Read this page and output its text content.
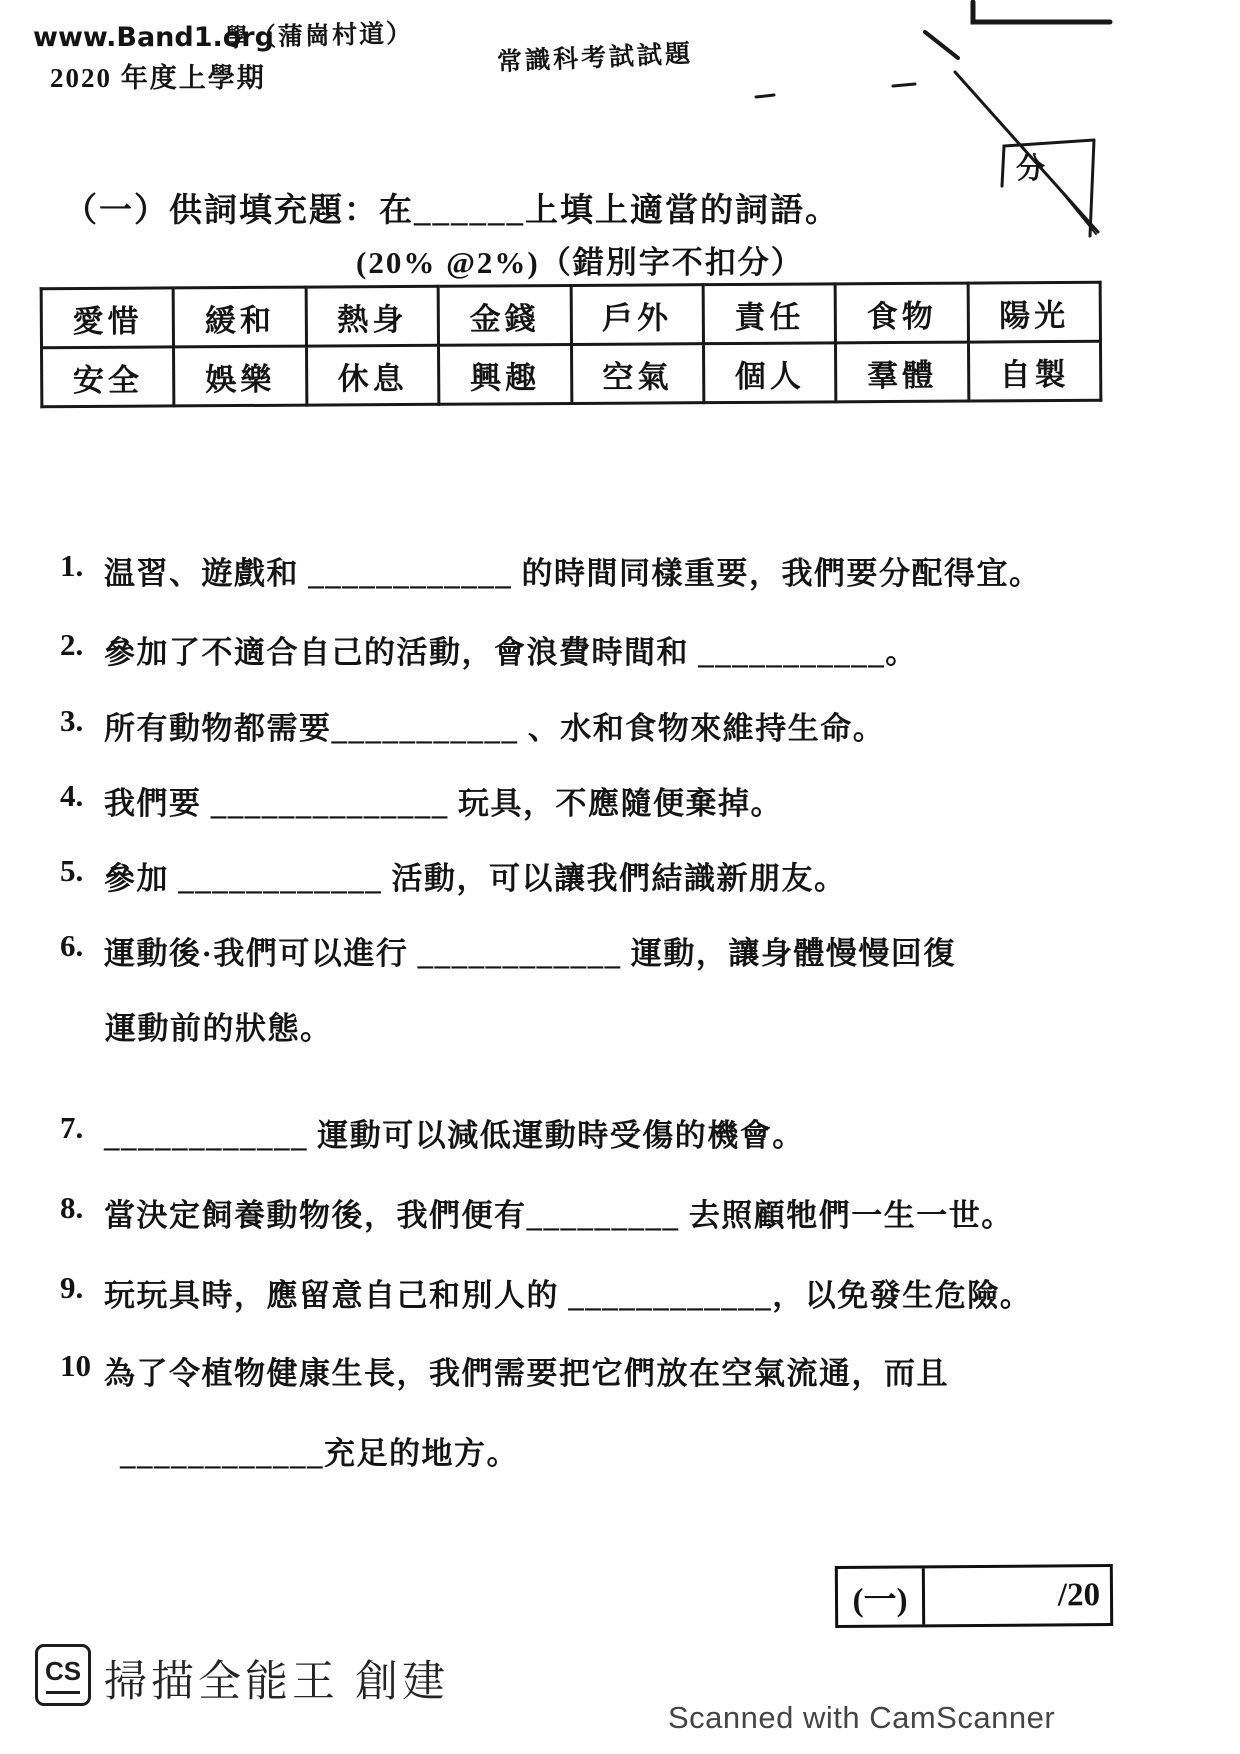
www.Band1.org
學（蒲崗村道）
2020 年度上學期
常識科考試試題
分
（一）供詞填充題：在______上填上適當的詞語。
(20% @2%)（錯別字不扣分）
愛惜	緩和	熱身	金錢	戶外	責任	食物	陽光
安全	娛樂	休息	興趣	空氣	個人	羣體	自製
1. 温習、遊戲和 ____________ 的時間同樣重要，我們要分配得宜。
2. 參加了不適合自己的活動，會浪費時間和 ___________。
3. 所有動物都需要___________ 、水和食物來維持生命。
4. 我們要 ______________ 玩具，不應隨便棄掉。
5. 參加 ____________ 活動，可以讓我們結識新朋友。
6. 運動後·我們可以進行 ____________ 運動，讓身體慢慢回復
運動前的狀態。
7. ____________ 運動可以減低運動時受傷的機會。
8. 當決定飼養動物後，我們便有_________ 去照顧牠們一生一世。
9. 玩玩具時，應留意自己和別人的 ____________，以免發生危險。
10 為了令植物健康生長，我們需要把它們放在空氣流通，而且
____________充足的地方。
(一)	/20
CS 掃描全能王 創建
Scanned with CamScanner
